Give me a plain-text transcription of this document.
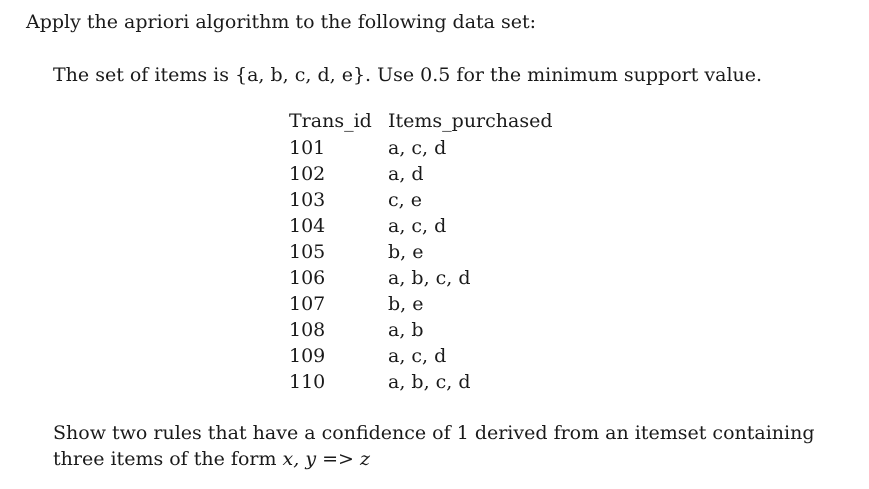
Apply the apriori algorithm to the following data set:
The set of items is {a, b, c, d, e}. Use 0.5 for the minimum support value.
Trans_id Items_purchased
101	a, c, d
102	a, d
103	c, e
104	a, c, d
105	b, e
106	a, b, c, d
107	b, e
108	a, b
109	a, c, d
110	a, b, c, d
Show two rules that have a confidence of 1 derived from an itemset containing three items of the form x, y => z
